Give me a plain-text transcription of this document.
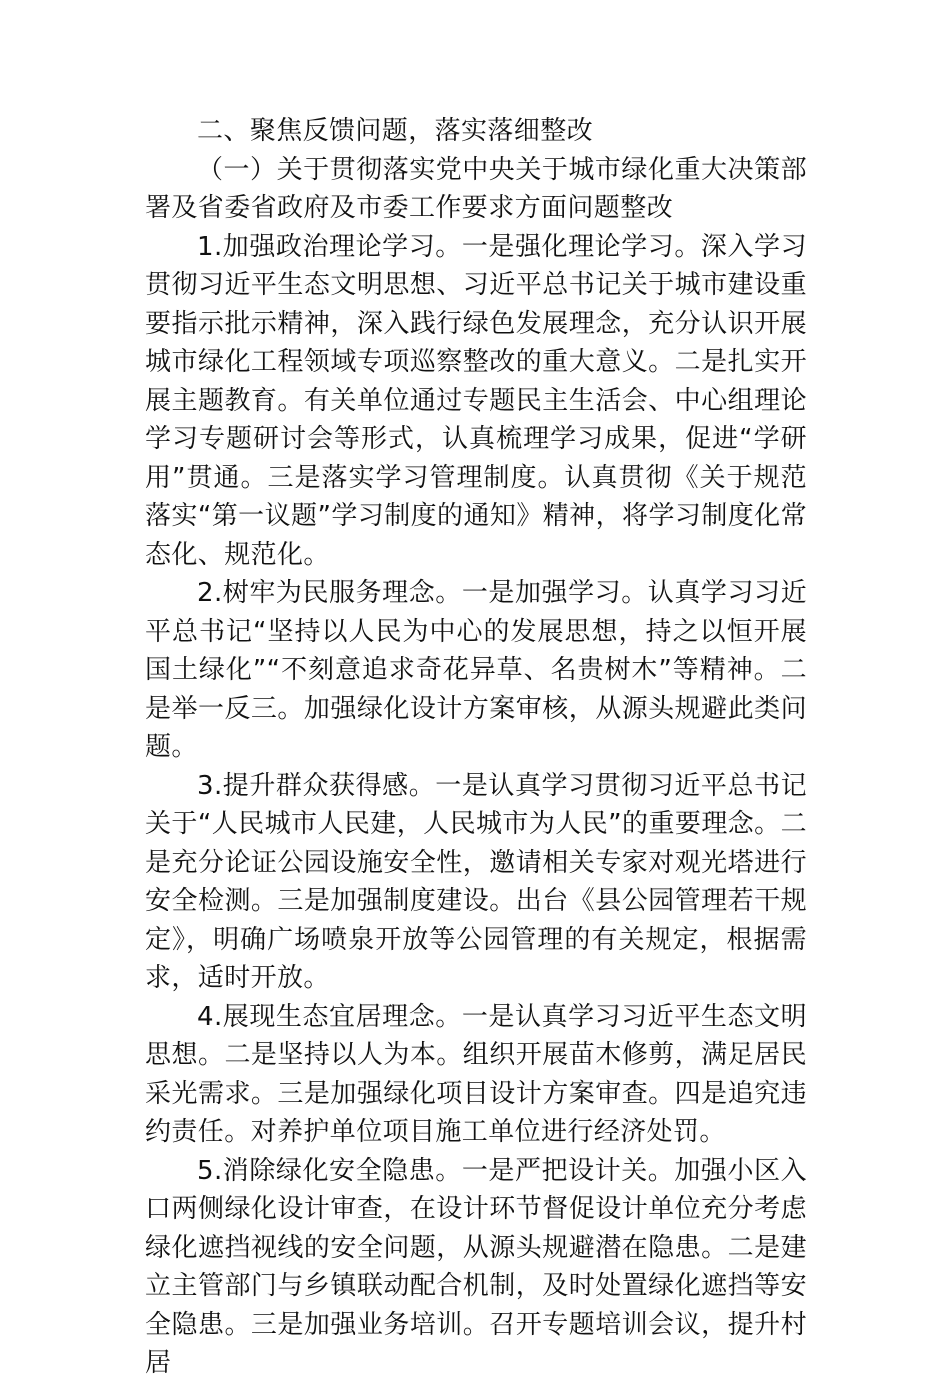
二、聚焦反馈问题，落实落细整改

（一）关于贯彻落实党中央关于城市绿化重大决策部署及省委省政府及市委工作要求方面问题整改

1.加强政治理论学习。一是强化理论学习。深入学习贯彻习近平生态文明思想、习近平总书记关于城市建设重要指示批示精神，深入践行绿色发展理念，充分认识开展城市绿化工程领域专项巡察整改的重大意义。二是扎实开展主题教育。有关单位通过专题民主生活会、中心组理论学习专题研讨会等形式，认真梳理学习成果，促进“学研用”贯通。三是落实学习管理制度。认真贯彻《关于规范落实“第一议题”学习制度的通知》精神，将学习制度化常态化、规范化。

2.树牢为民服务理念。一是加强学习。认真学习习近平总书记“坚持以人民为中心的发展思想，持之以恒开展国土绿化”“不刻意追求奇花异草、名贵树木”等精神。二是举一反三。加强绿化设计方案审核，从源头规避此类问题。

3.提升群众获得感。一是认真学习贯彻习近平总书记关于“人民城市人民建，人民城市为人民”的重要理念。二是充分论证公园设施安全性，邀请相关专家对观光塔进行安全检测。三是加强制度建设。出台《县公园管理若干规定》，明确广场喷泉开放等公园管理的有关规定，根据需求，适时开放。

4.展现生态宜居理念。一是认真学习习近平生态文明思想。二是坚持以人为本。组织开展苗木修剪，满足居民采光需求。三是加强绿化项目设计方案审查。四是追究违约责任。对养护单位项目施工单位进行经济处罚。

5.消除绿化安全隐患。一是严把设计关。加强小区入口两侧绿化设计审查，在设计环节督促设计单位充分考虑绿化遮挡视线的安全问题，从源头规避潜在隐患。二是建立主管部门与乡镇联动配合机制，及时处置绿化遮挡等安全隐患。三是加强业务培训。召开专题培训会议，提升村居
